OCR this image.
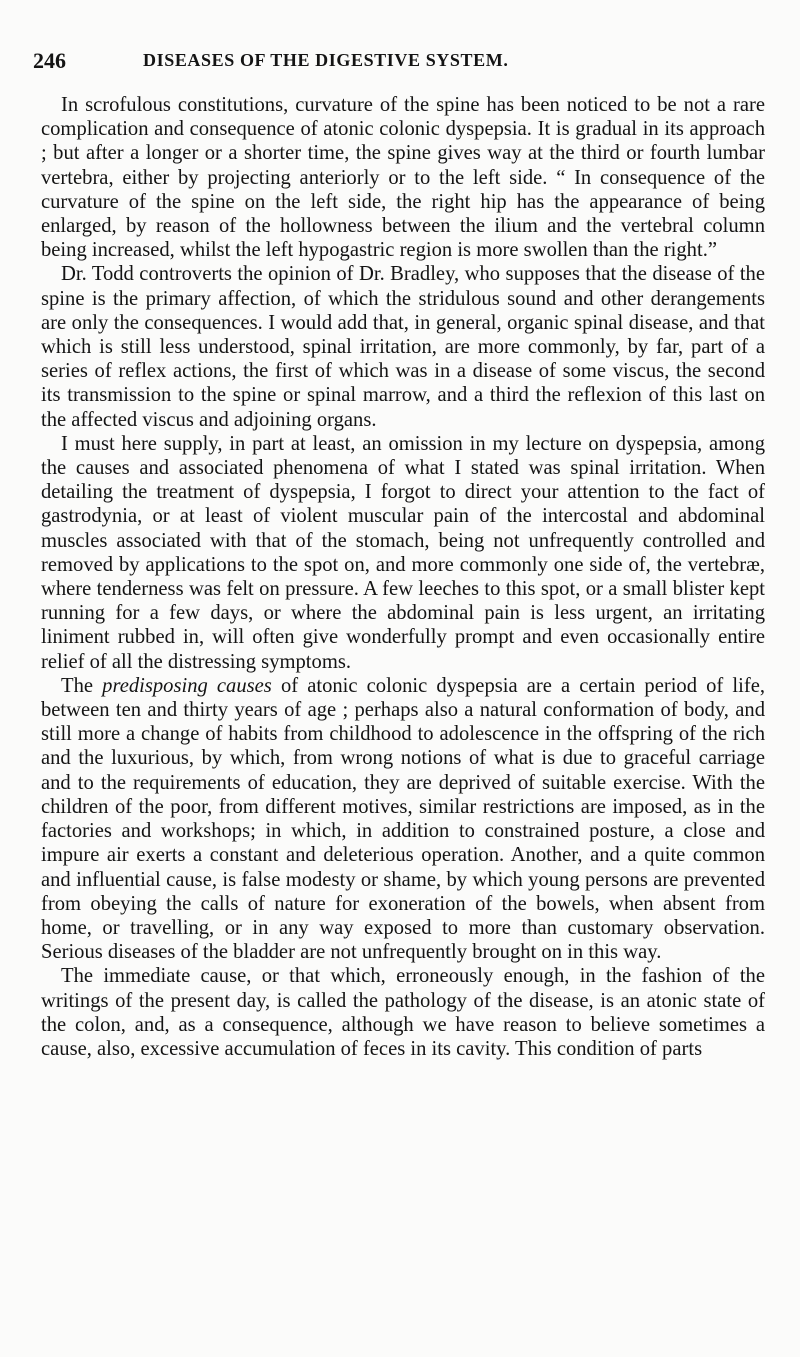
246	DISEASES OF THE DIGESTIVE SYSTEM.

In scrofulous constitutions, curvature of the spine has been noticed to be not a rare complication and consequence of atonic colonic dyspepsia. It is gradual in its approach ; but after a longer or a shorter time, the spine gives way at the third or fourth lumbar vertebra, either by projecting anteriorly or to the left side. “ In consequence of the curvature of the spine on the left side, the right hip has the appearance of being enlarged, by reason of the hollowness between the ilium and the vertebral column being increased, whilst the left hypogastric region is more swollen than the right.”

Dr. Todd controverts the opinion of Dr. Bradley, who supposes that the disease of the spine is the primary affection, of which the stridulous sound and other derangements are only the consequences. I would add that, in general, organic spinal disease, and that which is still less understood, spinal irritation, are more commonly, by far, part of a series of reflex actions, the first of which was in a disease of some viscus, the second its transmission to the spine or spinal marrow, and a third the reflexion of this last on the affected viscus and adjoining organs.

I must here supply, in part at least, an omission in my lecture on dyspepsia, among the causes and associated phenomena of what I stated was spinal irritation. When detailing the treatment of dyspepsia, I forgot to direct your attention to the fact of gastrodynia, or at least of violent muscular pain of the intercostal and abdominal muscles associated with that of the stomach, being not unfrequently controlled and removed by applications to the spot on, and more commonly one side of, the vertebræ, where tenderness was felt on pressure. A few leeches to this spot, or a small blister kept running for a few days, or where the abdominal pain is less urgent, an irritating liniment rubbed in, will often give wonderfully prompt and even occasionally entire relief of all the distressing symptoms.

The predisposing causes of atonic colonic dyspepsia are a certain period of life, between ten and thirty years of age ; perhaps also a natural conformation of body, and still more a change of habits from childhood to adolescence in the offspring of the rich and the luxurious, by which, from wrong notions of what is due to graceful carriage and to the requirements of education, they are deprived of suitable exercise. With the children of the poor, from different motives, similar restrictions are imposed, as in the factories and workshops; in which, in addition to constrained posture, a close and impure air exerts a constant and deleterious operation. Another, and a quite common and influential cause, is false modesty or shame, by which young persons are prevented from obeying the calls of nature for exoneration of the bowels, when absent from home, or travelling, or in any way exposed to more than customary observation. Serious diseases of the bladder are not unfrequently brought on in this way.

The immediate cause, or that which, erroneously enough, in the fashion of the writings of the present day, is called the pathology of the disease, is an atonic state of the colon, and, as a consequence, although we have reason to believe sometimes a cause, also, excessive accumulation of feces in its cavity. This condition of parts
